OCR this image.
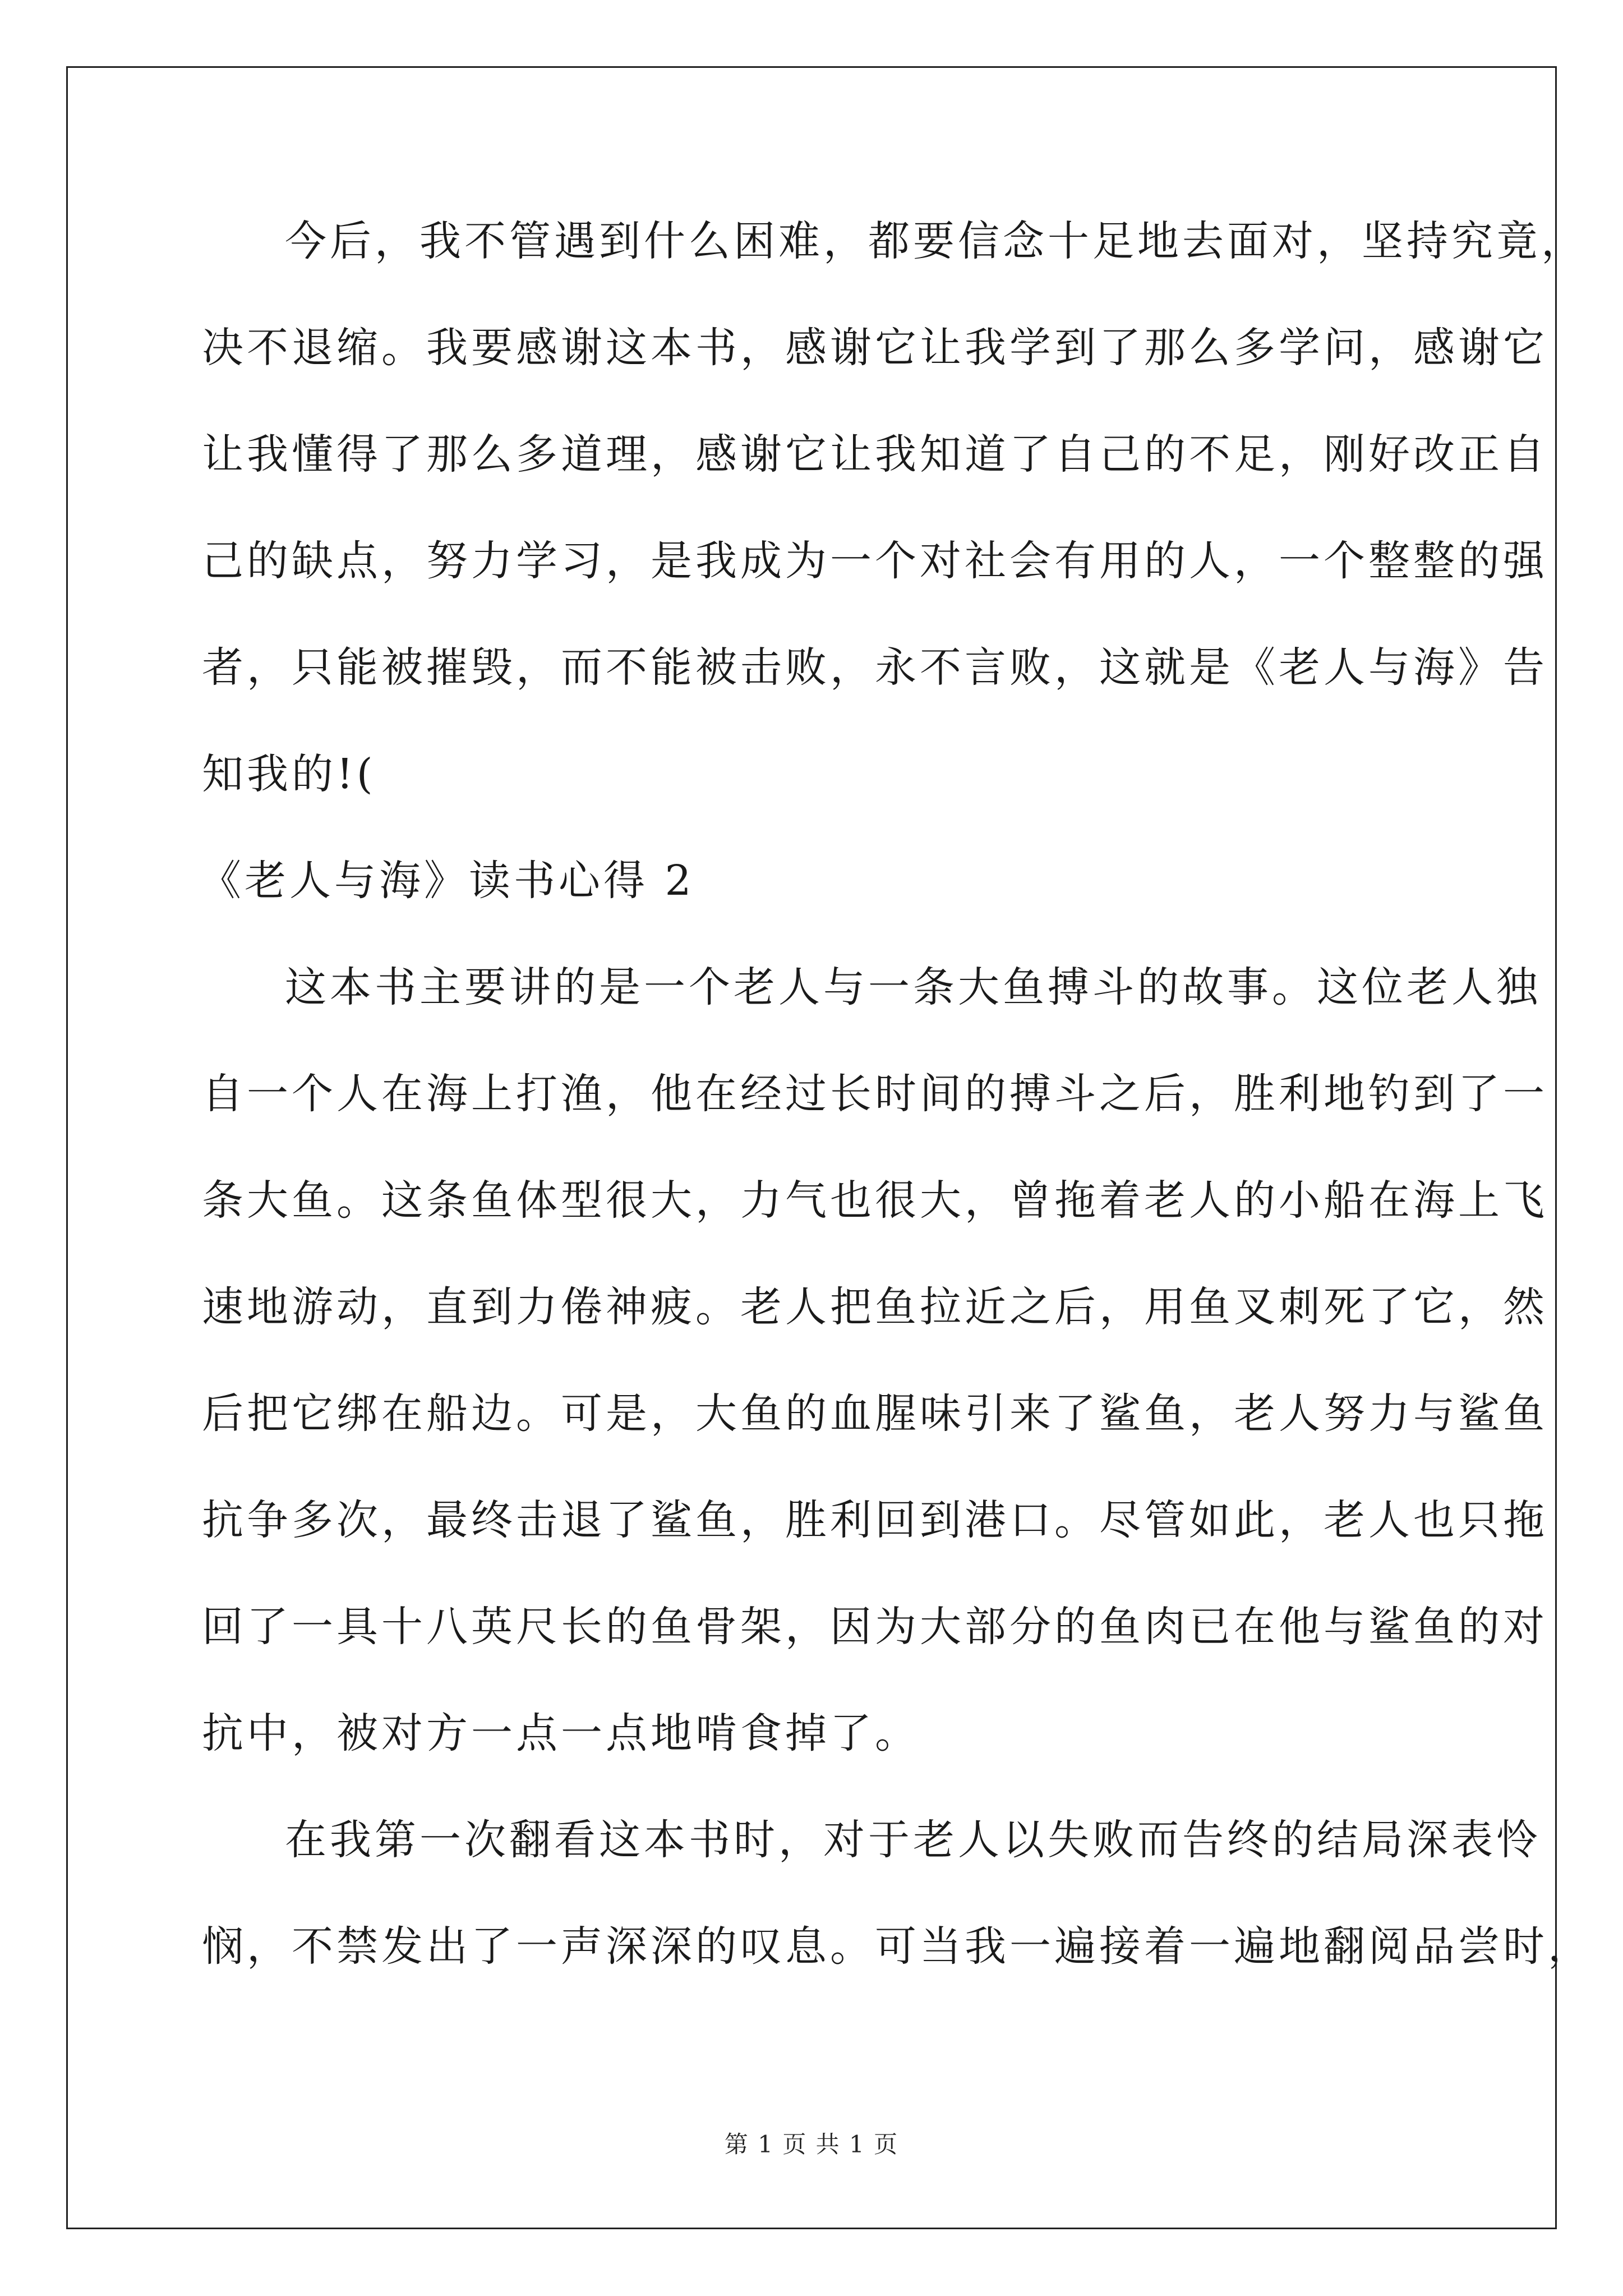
今后，我不管遇到什么困难，都要信念十足地去面对，坚持究竟，
决不退缩。我要感谢这本书，感谢它让我学到了那么多学问，感谢它
让我懂得了那么多道理，感谢它让我知道了自己的不足，刚好改正自
己的缺点，努力学习，是我成为一个对社会有用的人，一个整整的强
者，只能被摧毁，而不能被击败，永不言败，这就是《老人与海》告
知我的!(
《老人与海》读书心得 2
这本书主要讲的是一个老人与一条大鱼搏斗的故事。这位老人独
自一个人在海上打渔，他在经过长时间的搏斗之后，胜利地钓到了一
条大鱼。这条鱼体型很大，力气也很大，曾拖着老人的小船在海上飞
速地游动，直到力倦神疲。老人把鱼拉近之后，用鱼叉刺死了它，然
后把它绑在船边。可是，大鱼的血腥味引来了鲨鱼，老人努力与鲨鱼
抗争多次，最终击退了鲨鱼，胜利回到港口。尽管如此，老人也只拖
回了一具十八英尺长的鱼骨架，因为大部分的鱼肉已在他与鲨鱼的对
抗中，被对方一点一点地啃食掉了。
在我第一次翻看这本书时，对于老人以失败而告终的结局深表怜
悯，不禁发出了一声深深的叹息。可当我一遍接着一遍地翻阅品尝时，
第 1 页 共 1 页
